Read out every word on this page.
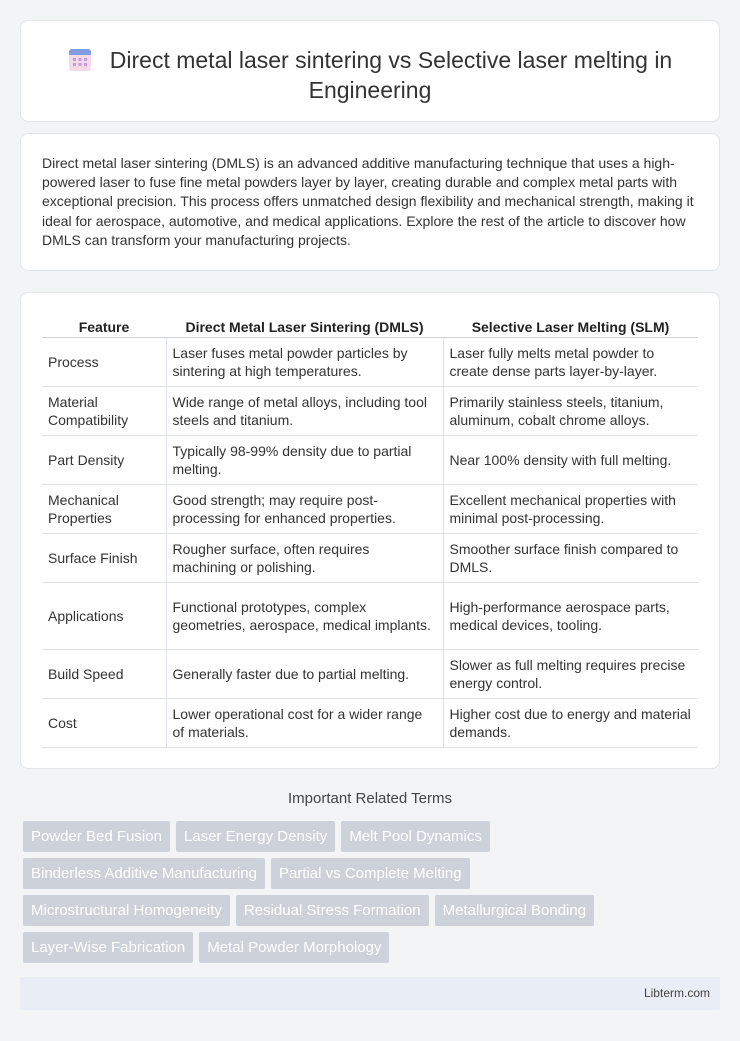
Direct metal laser sintering vs Selective laser melting in Engineering

Direct metal laser sintering (DMLS) is an advanced additive manufacturing technique that uses a high-powered laser to fuse fine metal powders layer by layer, creating durable and complex metal parts with exceptional precision. This process offers unmatched design flexibility and mechanical strength, making it ideal for aerospace, automotive, and medical applications. Explore the rest of the article to discover how DMLS can transform your manufacturing projects.

Feature	Direct Metal Laser Sintering (DMLS)	Selective Laser Melting (SLM)
Process	Laser fuses metal powder particles by sintering at high temperatures.	Laser fully melts metal powder to create dense parts layer-by-layer.
Material Compatibility	Wide range of metal alloys, including tool steels and titanium.	Primarily stainless steels, titanium, aluminum, cobalt chrome alloys.
Part Density	Typically 98-99% density due to partial melting.	Near 100% density with full melting.
Mechanical Properties	Good strength; may require post-processing for enhanced properties.	Excellent mechanical properties with minimal post-processing.
Surface Finish	Rougher surface, often requires machining or polishing.	Smoother surface finish compared to DMLS.
Applications	Functional prototypes, complex geometries, aerospace, medical implants.	High-performance aerospace parts, medical devices, tooling.
Build Speed	Generally faster due to partial melting.	Slower as full melting requires precise energy control.
Cost	Lower operational cost for a wider range of materials.	Higher cost due to energy and material demands.
Important Related Terms
Powder Bed Fusion	Laser Energy Density	Melt Pool Dynamics
Binderless Additive Manufacturing	Partial vs Complete Melting
Microstructural Homogeneity	Residual Stress Formation	Metallurgical Bonding
Layer-Wise Fabrication	Metal Powder Morphology
Libterm.com
